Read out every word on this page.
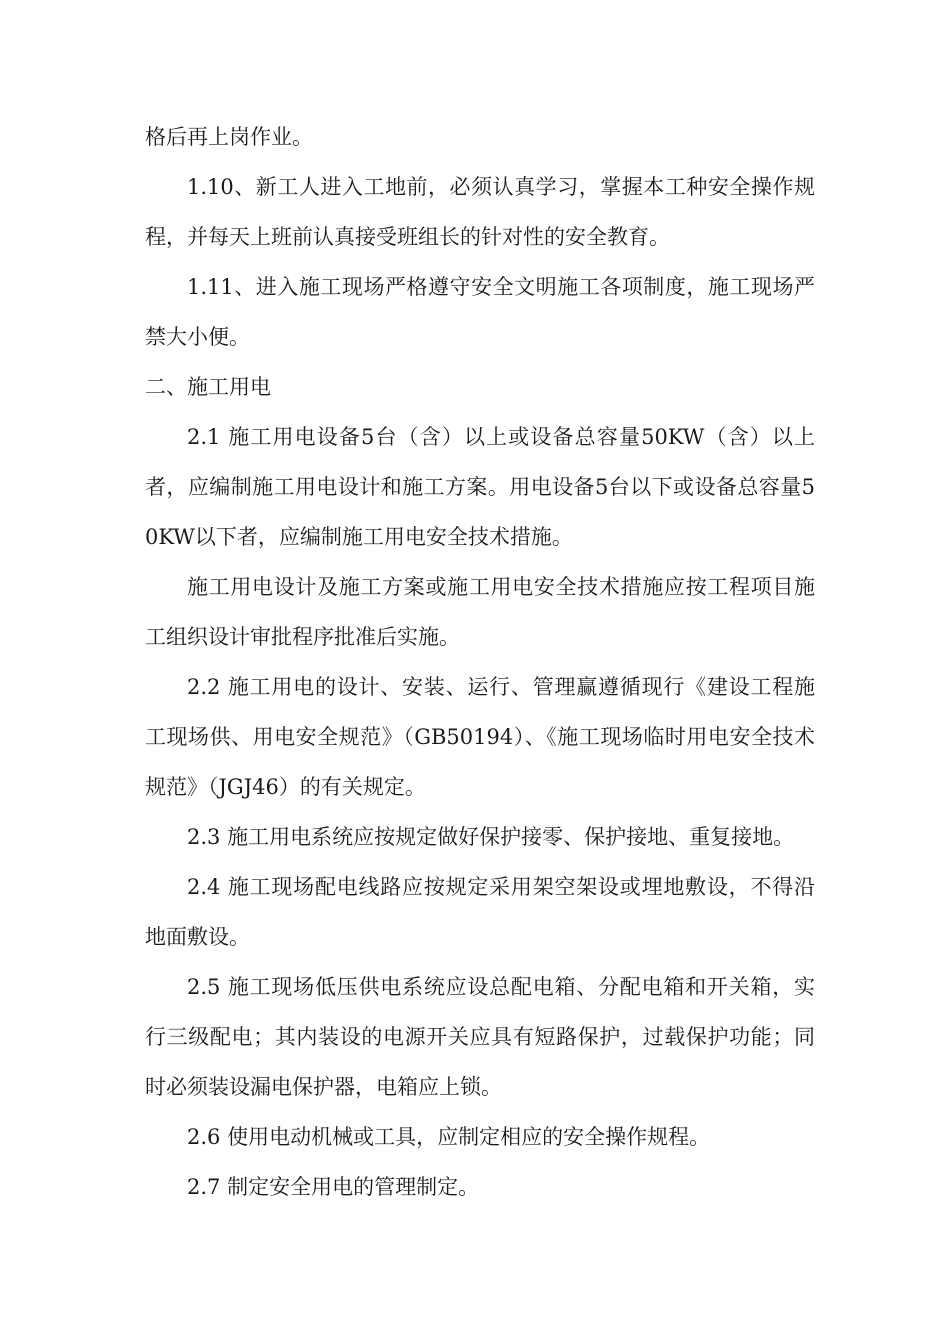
格后再上岗作业。

1.10、新工人进入工地前，必须认真学习，掌握本工种安全操作规程，并每天上班前认真接受班组长的针对性的安全教育。

1.11、进入施工现场严格遵守安全文明施工各项制度，施工现场严禁大小便。

二、施工用电

2.1 施工用电设备5台（含）以上或设备总容量50KW（含）以上者，应编制施工用电设计和施工方案。用电设备5台以下或设备总容量50KW以下者，应编制施工用电安全技术措施。

施工用电设计及施工方案或施工用电安全技术措施应按工程项目施工组织设计审批程序批准后实施。

2.2 施工用电的设计、安装、运行、管理赢遵循现行《建设工程施工现场供、用电安全规范》（GB50194）、《施工现场临时用电安全技术规范》（JGJ46）的有关规定。

2.3 施工用电系统应按规定做好保护接零、保护接地、重复接地。

2.4 施工现场配电线路应按规定采用架空架设或埋地敷设，不得沿地面敷设。

2.5 施工现场低压供电系统应设总配电箱、分配电箱和开关箱，实行三级配电；其内装设的电源开关应具有短路保护，过载保护功能；同时必须装设漏电保护器，电箱应上锁。

2.6 使用电动机械或工具，应制定相应的安全操作规程。

2.7 制定安全用电的管理制定。
